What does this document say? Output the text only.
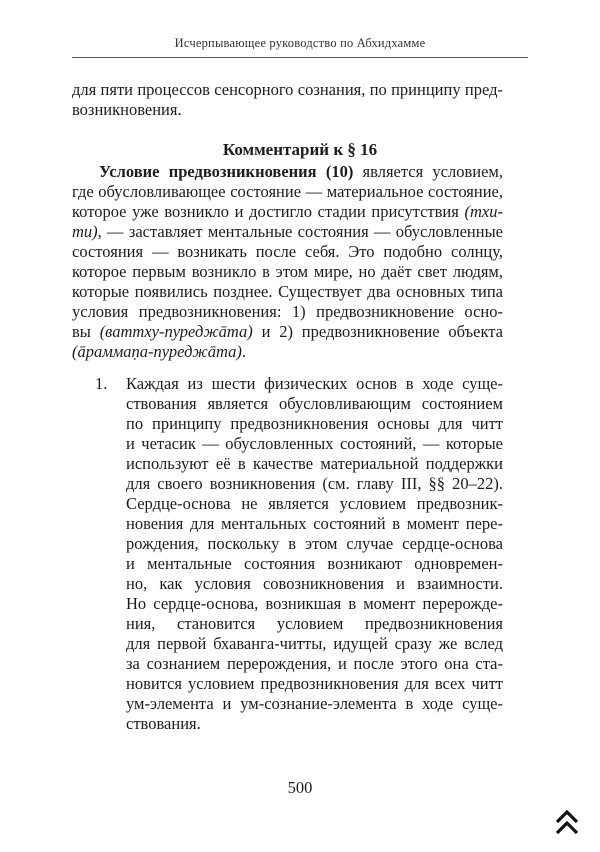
Исчерпывающее руководство по Абхидхамме
для пяти процессов сенсорного сознания, по принципу пред-
возникновения.
Комментарий к § 16
Условие предвозникновения (10) является условием,
где обусловливающее состояние — материальное состояние,
которое уже возникло и достигло стадии присутствия (тхи-
ти), — заставляет ментальные состояния — обусловленные
состояния — возникать после себя. Это подобно солнцу,
которое первым возникло в этом мире, но даёт свет людям,
которые появились позднее. Существует два основных типа
условия предвозникновения: 1) предвозникновение осно-
вы (ваттху-пуреджāта) и 2) предвозникновение объекта
(āраммаṇа-пуреджāта).
1. Каждая из шести физических основ в ходе суще-
ствования является обусловливающим состоянием
по принципу предвозникновения основы для читт
и четасик — обусловленных состояний, — которые
используют её в качестве материальной поддержки
для своего возникновения (см. главу III, §§ 20–22).
Сердце-основа не является условием предвозник-
новения для ментальных состояний в момент пере-
рождения, поскольку в этом случае сердце-основа
и ментальные состояния возникают одновремен-
но, как условия совозникновения и взаимности.
Но сердце-основа, возникшая в момент перерожде-
ния, становится условием предвозникновения
для первой бхаванга-читты, идущей сразу же вслед
за сознанием перерождения, и после этого она ста-
новится условием предвозникновения для всех читт
ум-элемента и ум-сознание-элемента в ходе суще-
ствования.
500
